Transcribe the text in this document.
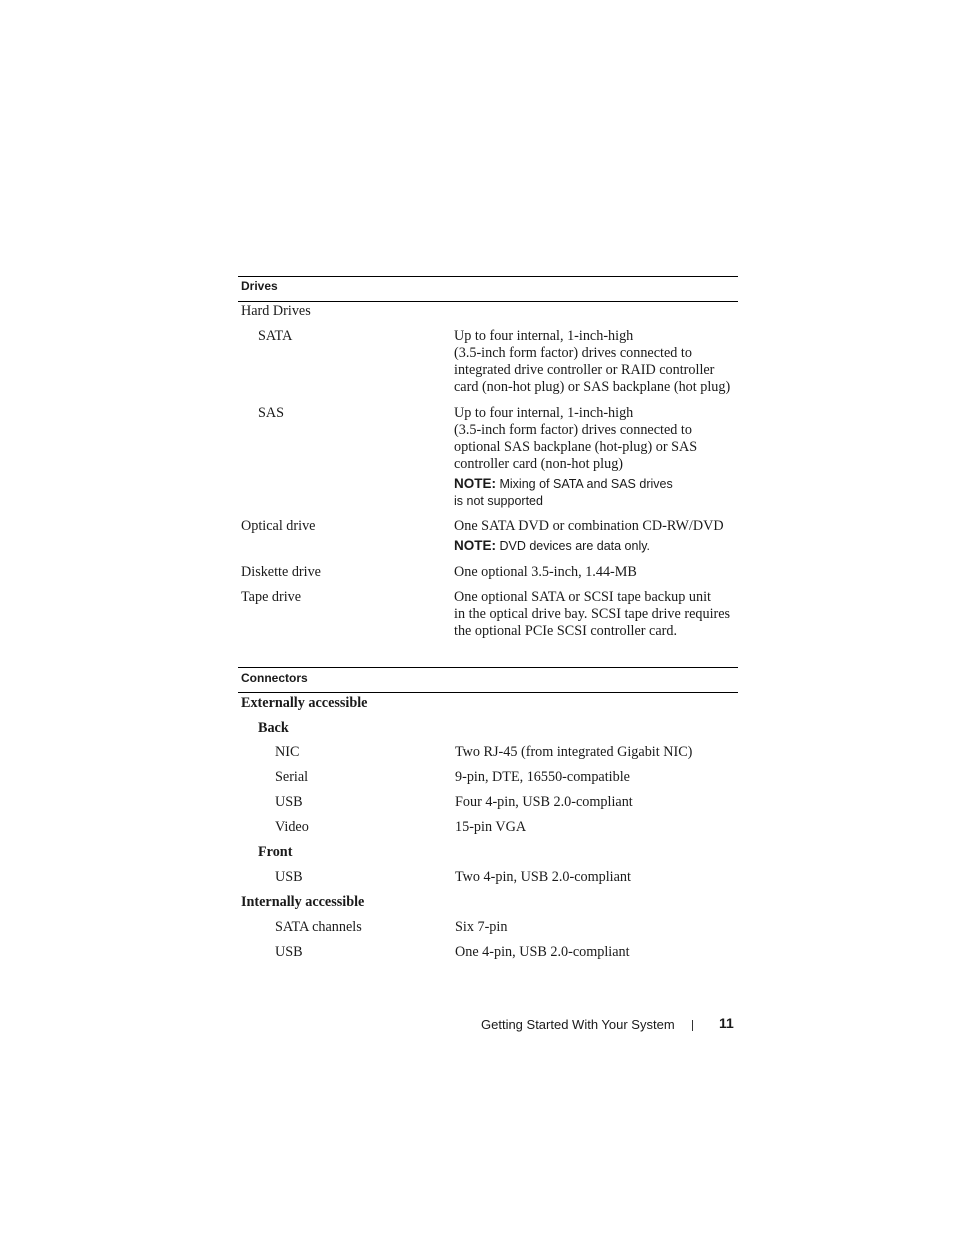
Drives
Hard Drives
SATA	Up to four internal, 1-inch-high
(3.5-inch form factor) drives connected to
integrated drive controller or RAID controller
card (non-hot plug) or SAS backplane (hot plug)
SAS	Up to four internal, 1-inch-high
(3.5-inch form factor) drives connected to
optional SAS backplane (hot-plug) or SAS
controller card (non-hot plug)
NOTE: Mixing of SATA and SAS drives
is not supported
Optical drive	One SATA DVD or combination CD-RW/DVD
NOTE: DVD devices are data only.
Diskette drive	One optional 3.5-inch, 1.44-MB
Tape drive	One optional SATA or SCSI tape backup unit
in the optical drive bay. SCSI tape drive requires
the optional PCIe SCSI controller card.
Connectors
Externally accessible
Back
NIC	Two RJ-45 (from integrated Gigabit NIC)
Serial	9-pin, DTE, 16550-compatible
USB	Four 4-pin, USB 2.0-compliant
Video	15-pin VGA
Front
USB	Two 4-pin, USB 2.0-compliant
Internally accessible
SATA channels	Six 7-pin
USB	One 4-pin, USB 2.0-compliant
Getting Started With Your System	11
